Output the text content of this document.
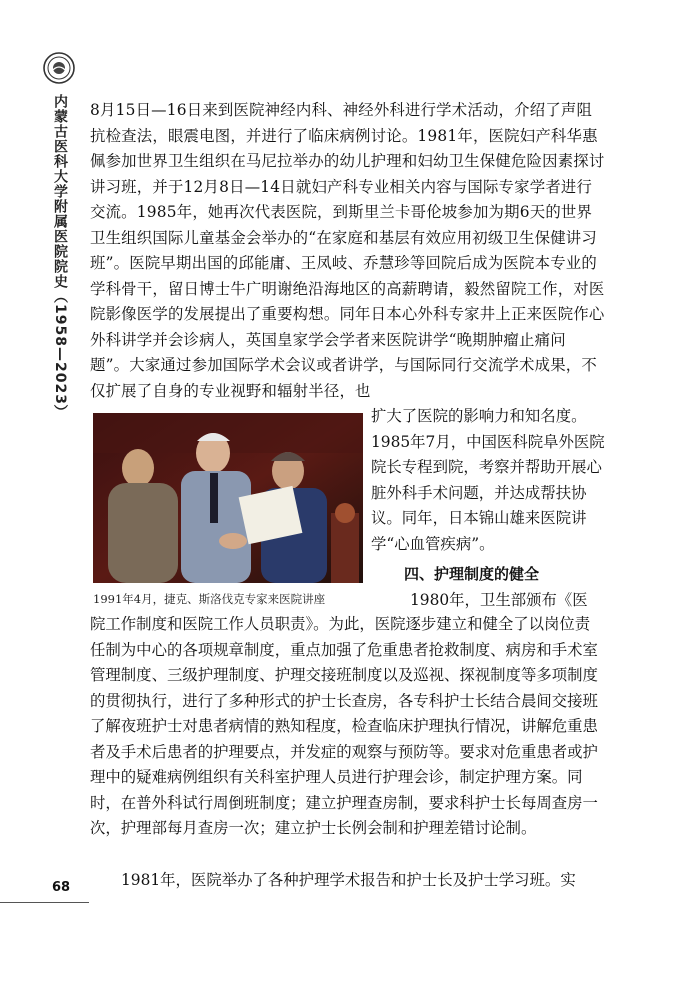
内蒙古医科大学附属医院院史（1958—2023） 8月15日—16日来到医院神经内科、神经外科进行学术活动，介绍了声阻抗检查法，眼震电图，并进行了临床病例讨论。1981年，医院妇产科华惠佩参加世界卫生组织在马尼拉举办的幼儿护理和妇幼卫生保健危险因素探讨讲习班，并于12月8日—14日就妇产科专业相关内容与国际专家学者进行交流。1985年，她再次代表医院，到斯里兰卡哥伦坡参加为期6天的世界卫生组织国际儿童基金会举办的“在家庭和基层有效应用初级卫生保健讲习班”。医院早期出国的邱能庸、王凤岐、乔慧珍等回院后成为医院本专业的学科骨干，留日博士牛广明谢绝沿海地区的高薪聘请，毅然留院工作，对医院影像医学的发展提出了重要构想。同年日本心外科专家井上正来医院作心外科讲学并会诊病人，英国皇家学会学者来医院讲学“晚期肿瘤止痛问题”。大家通过参加国际学术会议或者讲学，与国际同行交流学术成果，不仅扩展了自身的专业视野和辐射半径，也

1991年4月，捷克、斯洛伐克专家来医院讲座

扩大了医院的影响力和知名度。
1985年7月，中国医科院阜外医院院长专程到院，考察并帮助开展心脏外科手术问题，并达成帮扶协议。同年，日本锦山雄来医院讲学“心血管疾病”。

四、护理制度的健全
1980年，卫生部颁布《医

院工作制度和医院工作人员职责》。为此，医院逐步建立和健全了以岗位责任制为中心的各项规章制度，重点加强了危重患者抢救制度、病房和手术室管理制度、三级护理制度、护理交接班制度以及巡视、探视制度等多项制度的贯彻执行，进行了多种形式的护士长查房，各专科护士长结合晨间交接班了解夜班护士对患者病情的熟知程度，检查临床护理执行情况，讲解危重患者及手术后患者的护理要点，并发症的观察与预防等。要求对危重患者或护理中的疑难病例组织有关科室护理人员进行护理会诊，制定护理方案。同时，在普外科试行周倒班制度；建立护理查房制，要求科护士长每周查房一次，护理部每月查房一次；建立护士长例会制和护理差错讨论制。

1981年，医院举办了各种护理学术报告和护士长及护士学习班。实

68
